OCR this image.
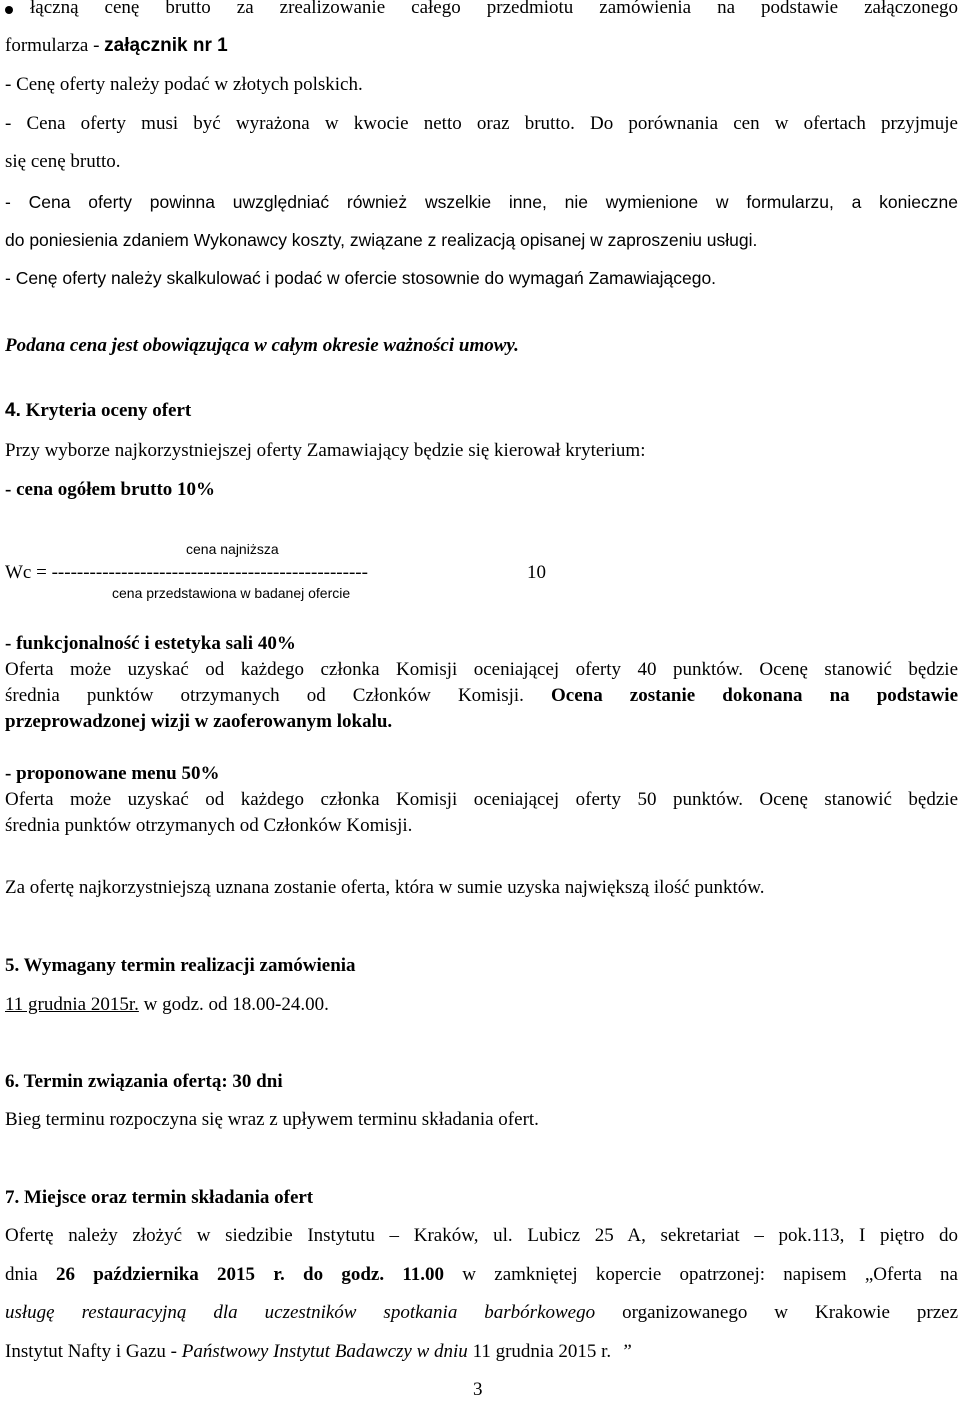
łączną cenę brutto za zrealizowanie całego przedmiotu zamówienia na podstawie załączonego
formularza - załącznik nr 1
- Cenę oferty należy podać w złotych polskich.
- Cena oferty musi być wyrażona w kwocie netto oraz brutto. Do porównania cen w ofertach przyjmuje
się cenę brutto.
- Cena oferty powinna uwzględniać również wszelkie inne, nie wymienione w formularzu, a konieczne
do poniesienia zdaniem Wykonawcy koszty, związane z realizacją opisanej w zaproszeniu usługi.
- Cenę oferty należy skalkulować i podać w ofercie stosownie do wymagań Zamawiającego.
Podana cena jest obowiązująca w całym okresie ważności umowy.
4. Kryteria oceny ofert
Przy wyborze najkorzystniejszej oferty Zamawiający będzie się kierował kryterium:
- cena ogółem brutto 10%
cena najniższa
Wc = --------------------------------------------------	10
cena przedstawiona w badanej ofercie
- funkcjonalność i estetyka sali 40%
Oferta może uzyskać od każdego członka Komisji oceniającej oferty 40 punktów. Ocenę stanowić będzie
średnia punktów otrzymanych od Członków Komisji. Ocena zostanie dokonana na podstawie
przeprowadzonej wizji w zaoferowanym lokalu.
- proponowane menu 50%
Oferta może uzyskać od każdego członka Komisji oceniającej oferty 50 punktów. Ocenę stanowić będzie
średnia punktów otrzymanych od Członków Komisji.
Za ofertę najkorzystniejszą uznana zostanie oferta, która w sumie uzyska największą ilość punktów.
5. Wymagany termin realizacji zamówienia
11 grudnia 2015r. w godz. od 18.00-24.00.
6. Termin związania ofertą: 30 dni
Bieg terminu rozpoczyna się wraz z upływem terminu składania ofert.
7. Miejsce oraz termin składania ofert
Ofertę należy złożyć w siedzibie Instytutu – Kraków, ul. Lubicz 25 A, sekretariat – pok.113, I piętro do
dnia 26 października 2015 r. do godz. 11.00 w zamkniętej kopercie opatrzonej: napisem „Oferta na
usługę restauracyjną dla uczestników spotkania barbórkowego organizowanego w Krakowie przez
Instytut Nafty i Gazu - Państwowy Instytut Badawczy w dniu 11 grudnia 2015 r. ”
3
